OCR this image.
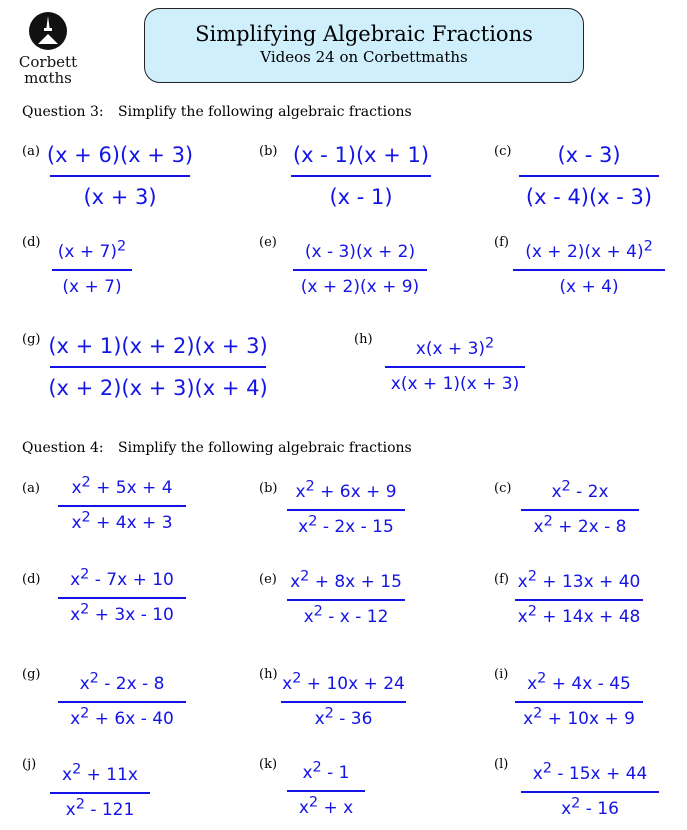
Corbett
mαths
Simplifying Algebraic Fractions
Videos 24 on Corbettmaths
Question 3: Simplify the following algebraic fractions
(a)	(b)	(c)
(d)	(e)	(f)
(g)	(h)
(x + 6)(x + 3)
(x + 3)
(x - 1)(x + 1)
(x - 1)
(x - 3)
(x - 4)(x - 3)
$(x + 7)^2$
(x + 7)
(x - 3)(x + 2)
(x + 2)(x + 9)
$(x + 2)(x + 4)^2$
(x + 4)
(x + 1)(x + 2)(x + 3)
(x + 2)(x + 3)(x + 4)
$x(x + 3)^2$
x(x + 1)(x + 3)
Question 4: Simplify the following algebraic fractions
(a) $x^2 + 5x + 4$
$x^2 + 4x + 3$
(b) $x^2 + 6x + 9$
$x^2 - 2x - 15$
(c) $x^2 - 2x$
$x^2 + 2x - 8$
(d) $x^2 - 7x + 10$
$x^2 + 3x - 10$
(e) $x^2 + 8x + 15$
$x^2$ - x - 12
(f) $x^2 + 13x + 40$
$x^2 + 14x + 48$
(g) $x^2 - 2x - 8$
$x^2 + 6x - 40$
(h) $x^2 + 10x + 24$
$x^2 - 36$
(i) $x^2 + 4x - 45$
$x^2 + 10x + 9$
(j)
$x^2 + 11x$
$x^2 - 121$
(k) $x^2 - 1$
$x^2 + x$
(l) $x^2 - 15x + 44$
$x^2 - 16$
